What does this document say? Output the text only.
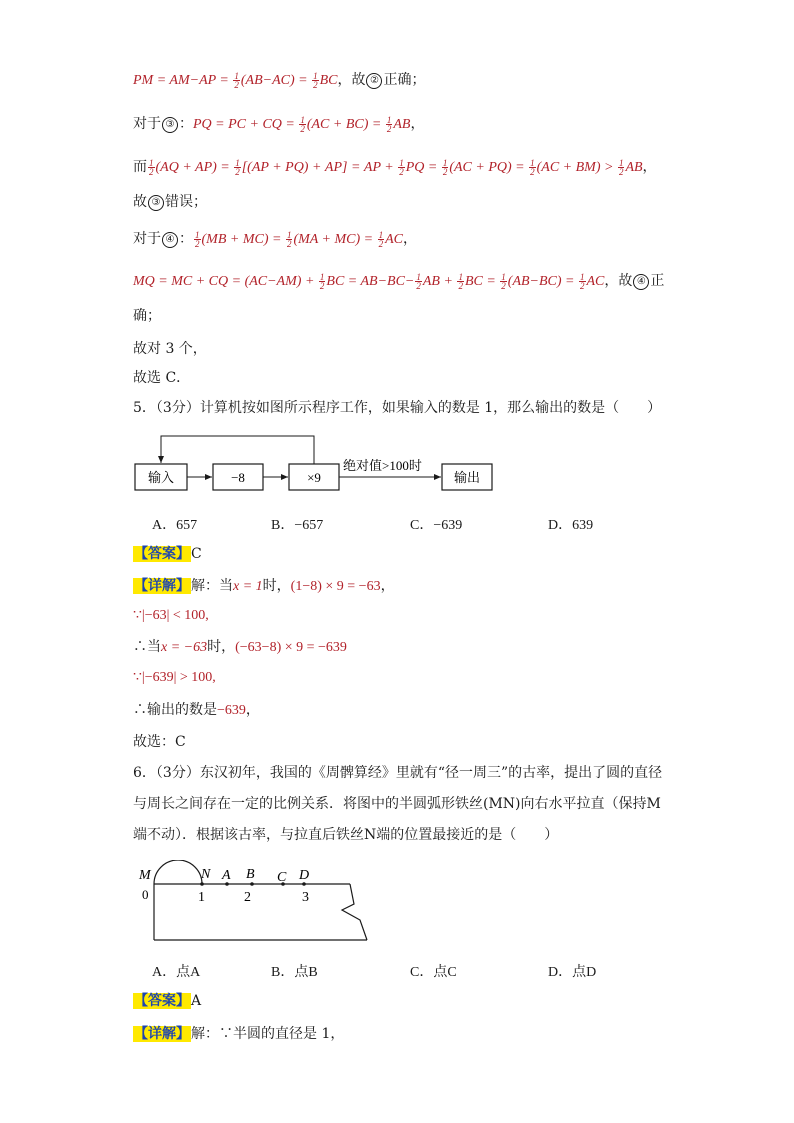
PM = $AM-AP = \frac{1}{2} (AB-AC) = \frac{1}{2}$ BC，故 ② 正确；
对于 ③ ：PQ = PC + CQ = $\frac{1}{2} (AC + BC) = \frac{1}{2}$ AB，
而 $\frac{1}{2} (AQ + AP) = \frac{1}{2} [(AP + PQ) + AP]$ = AP + $\frac{1}{2}$ PQ = $\frac{1}{2} (AC + PQ) = \frac{1}{2} (AC + BM) > \frac{1}{2}$ AB，
故 ③ 错误；
对于 ④ ： $\frac{1}{2} (MB + MC) = \frac{1}{2} (MA + MC) = \frac{1}{2}$ AC，
MQ = MC + CQ = $(AC-AM) + \frac{1}{2}$ BC = $AB-BC- \frac{1}{2}$ AB + $\frac{1}{2}$ BC = $\frac{1}{2} (AB-BC) = \frac{1}{2}$ AC，故 ④ 正
确；
故对 3 个，
故选 C．
5．（3分）计算机按如图所示程序工作，如果输入的数是 1，那么输出的数是（　　）
输入	−8	×9
绝对值>100时
输出
A．657	B．−657	C．−639	D．639
【答案】C
【详解】解：当x = 1时，(1−8) × 9 = −63，
∵|−63| < 100,
∴当x = −63时，(−63−8) × 9 = −639
∵|−639| > 100,
∴输出的数是−639，
故选：C
6．（3分）东汉初年，我国的《周髀算经》里就有“径一周三”的古率，提出了圆的直径
与周长之间存在一定的比例关系．将图中的半圆弧形铁丝(MN)向右水平拉直（保持M
端不动）．根据该古率，与拉直后铁丝N端的位置最接近的是（　　）
M	N A B C D
0	1	2	3
A．点A	B．点B	C．点C	D．点D
【答案】A
【详解】解：∵半圆的直径是 1，
